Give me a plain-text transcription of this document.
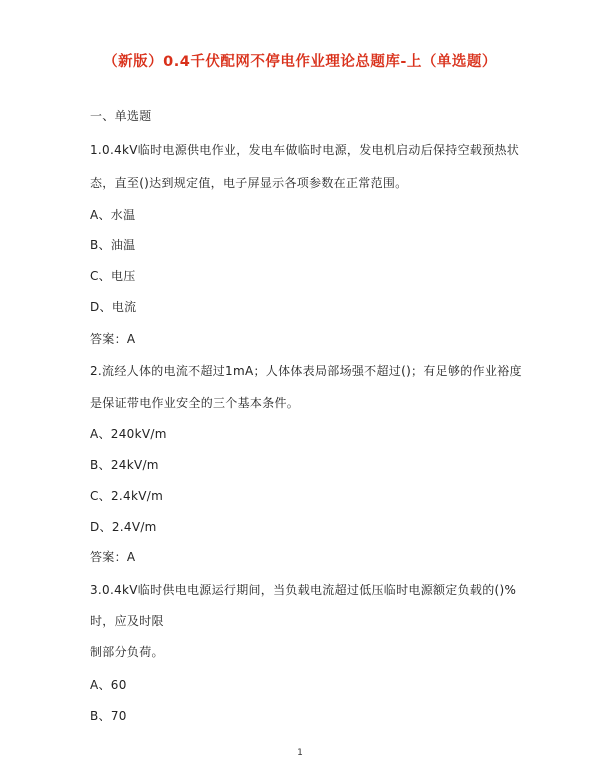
（新版）0.4千伏配网不停电作业理论总题库-上（单选题）
一、单选题
1.0.4kV临时电源供电作业，发电车做临时电源，发电机启动后保持空载预热状
态，直至()达到规定值，电子屏显示各项参数在正常范围。
A、水温
B、油温
C、电压
D、电流
答案：A
2.流经人体的电流不超过1mA；人体体表局部场强不超过()；有足够的作业裕度
是保证带电作业安全的三个基本条件。
A、240kV/m
B、24kV/m
C、2.4kV/m
D、2.4V/m
答案：A
3.0.4kV临时供电电源运行期间，当负载电流超过低压临时电源额定负载的()%
时，应及时限
制部分负荷。
A、60
B、70
1
